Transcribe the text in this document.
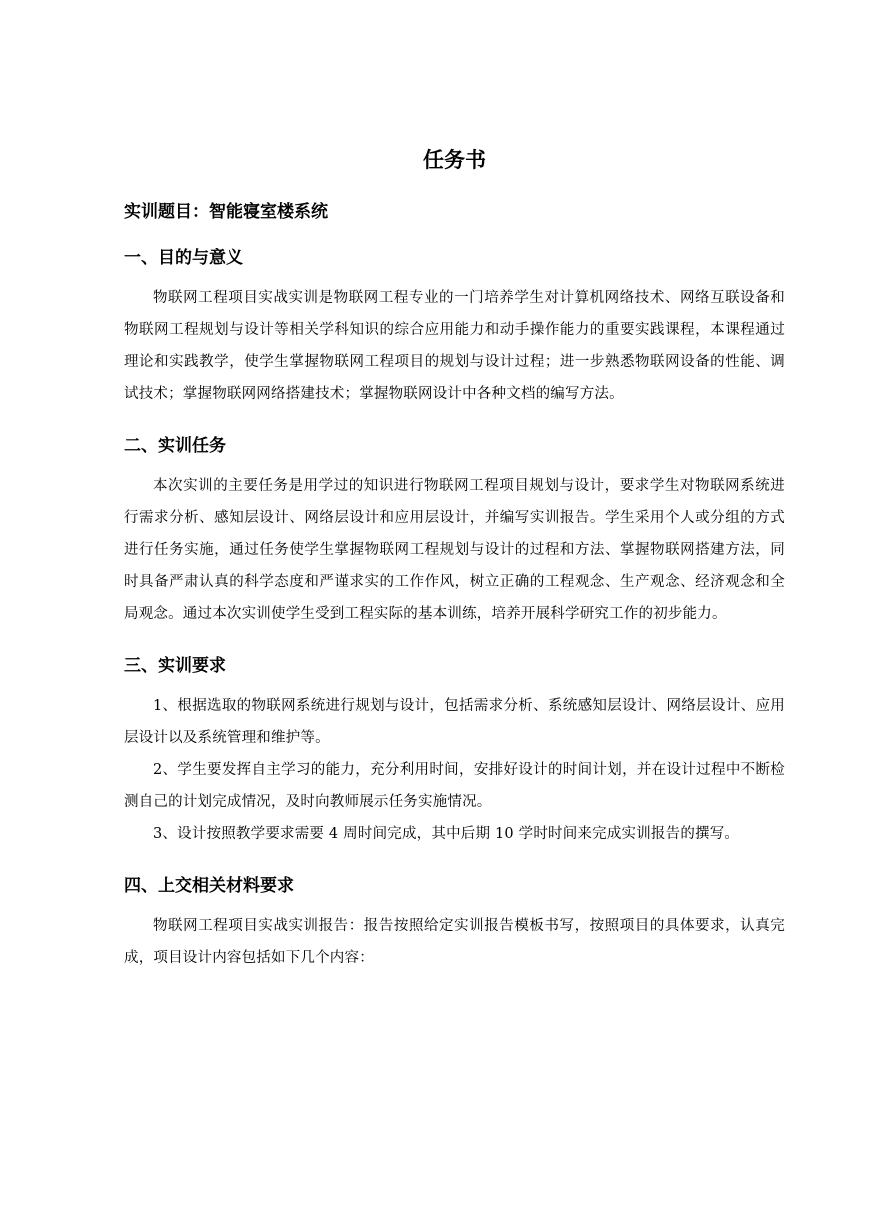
任务书
实训题目：智能寝室楼系统
一、目的与意义

物联网工程项目实战实训是物联网工程专业的一门培养学生对计算机网络技术、网络互联设备和物联网工程规划与设计等相关学科知识的综合应用能力和动手操作能力的重要实践课程，本课程通过理论和实践教学，使学生掌握物联网工程项目的规划与设计过程；进一步熟悉物联网设备的性能、调试技术；掌握物联网网络搭建技术；掌握物联网设计中各种文档的编写方法。

二、实训任务

本次实训的主要任务是用学过的知识进行物联网工程项目规划与设计，要求学生对物联网系统进行需求分析、感知层设计、网络层设计和应用层设计，并编写实训报告。学生采用个人或分组的方式进行任务实施，通过任务使学生掌握物联网工程规划与设计的过程和方法、掌握物联网搭建方法，同时具备严肃认真的科学态度和严谨求实的工作作风，树立正确的工程观念、生产观念、经济观念和全局观念。通过本次实训使学生受到工程实际的基本训练，培养开展科学研究工作的初步能力。

三、实训要求

1、根据选取的物联网系统进行规划与设计，包括需求分析、系统感知层设计、网络层设计、应用层设计以及系统管理和维护等。

2、学生要发挥自主学习的能力，充分利用时间，安排好设计的时间计划，并在设计过程中不断检测自己的计划完成情况，及时向教师展示任务实施情况。

3、设计按照教学要求需要 4 周时间完成，其中后期 10 学时时间来完成实训报告的撰写。

四、上交相关材料要求

物联网工程项目实战实训报告：报告按照给定实训报告模板书写，按照项目的具体要求，认真完成，项目设计内容包括如下几个内容：
